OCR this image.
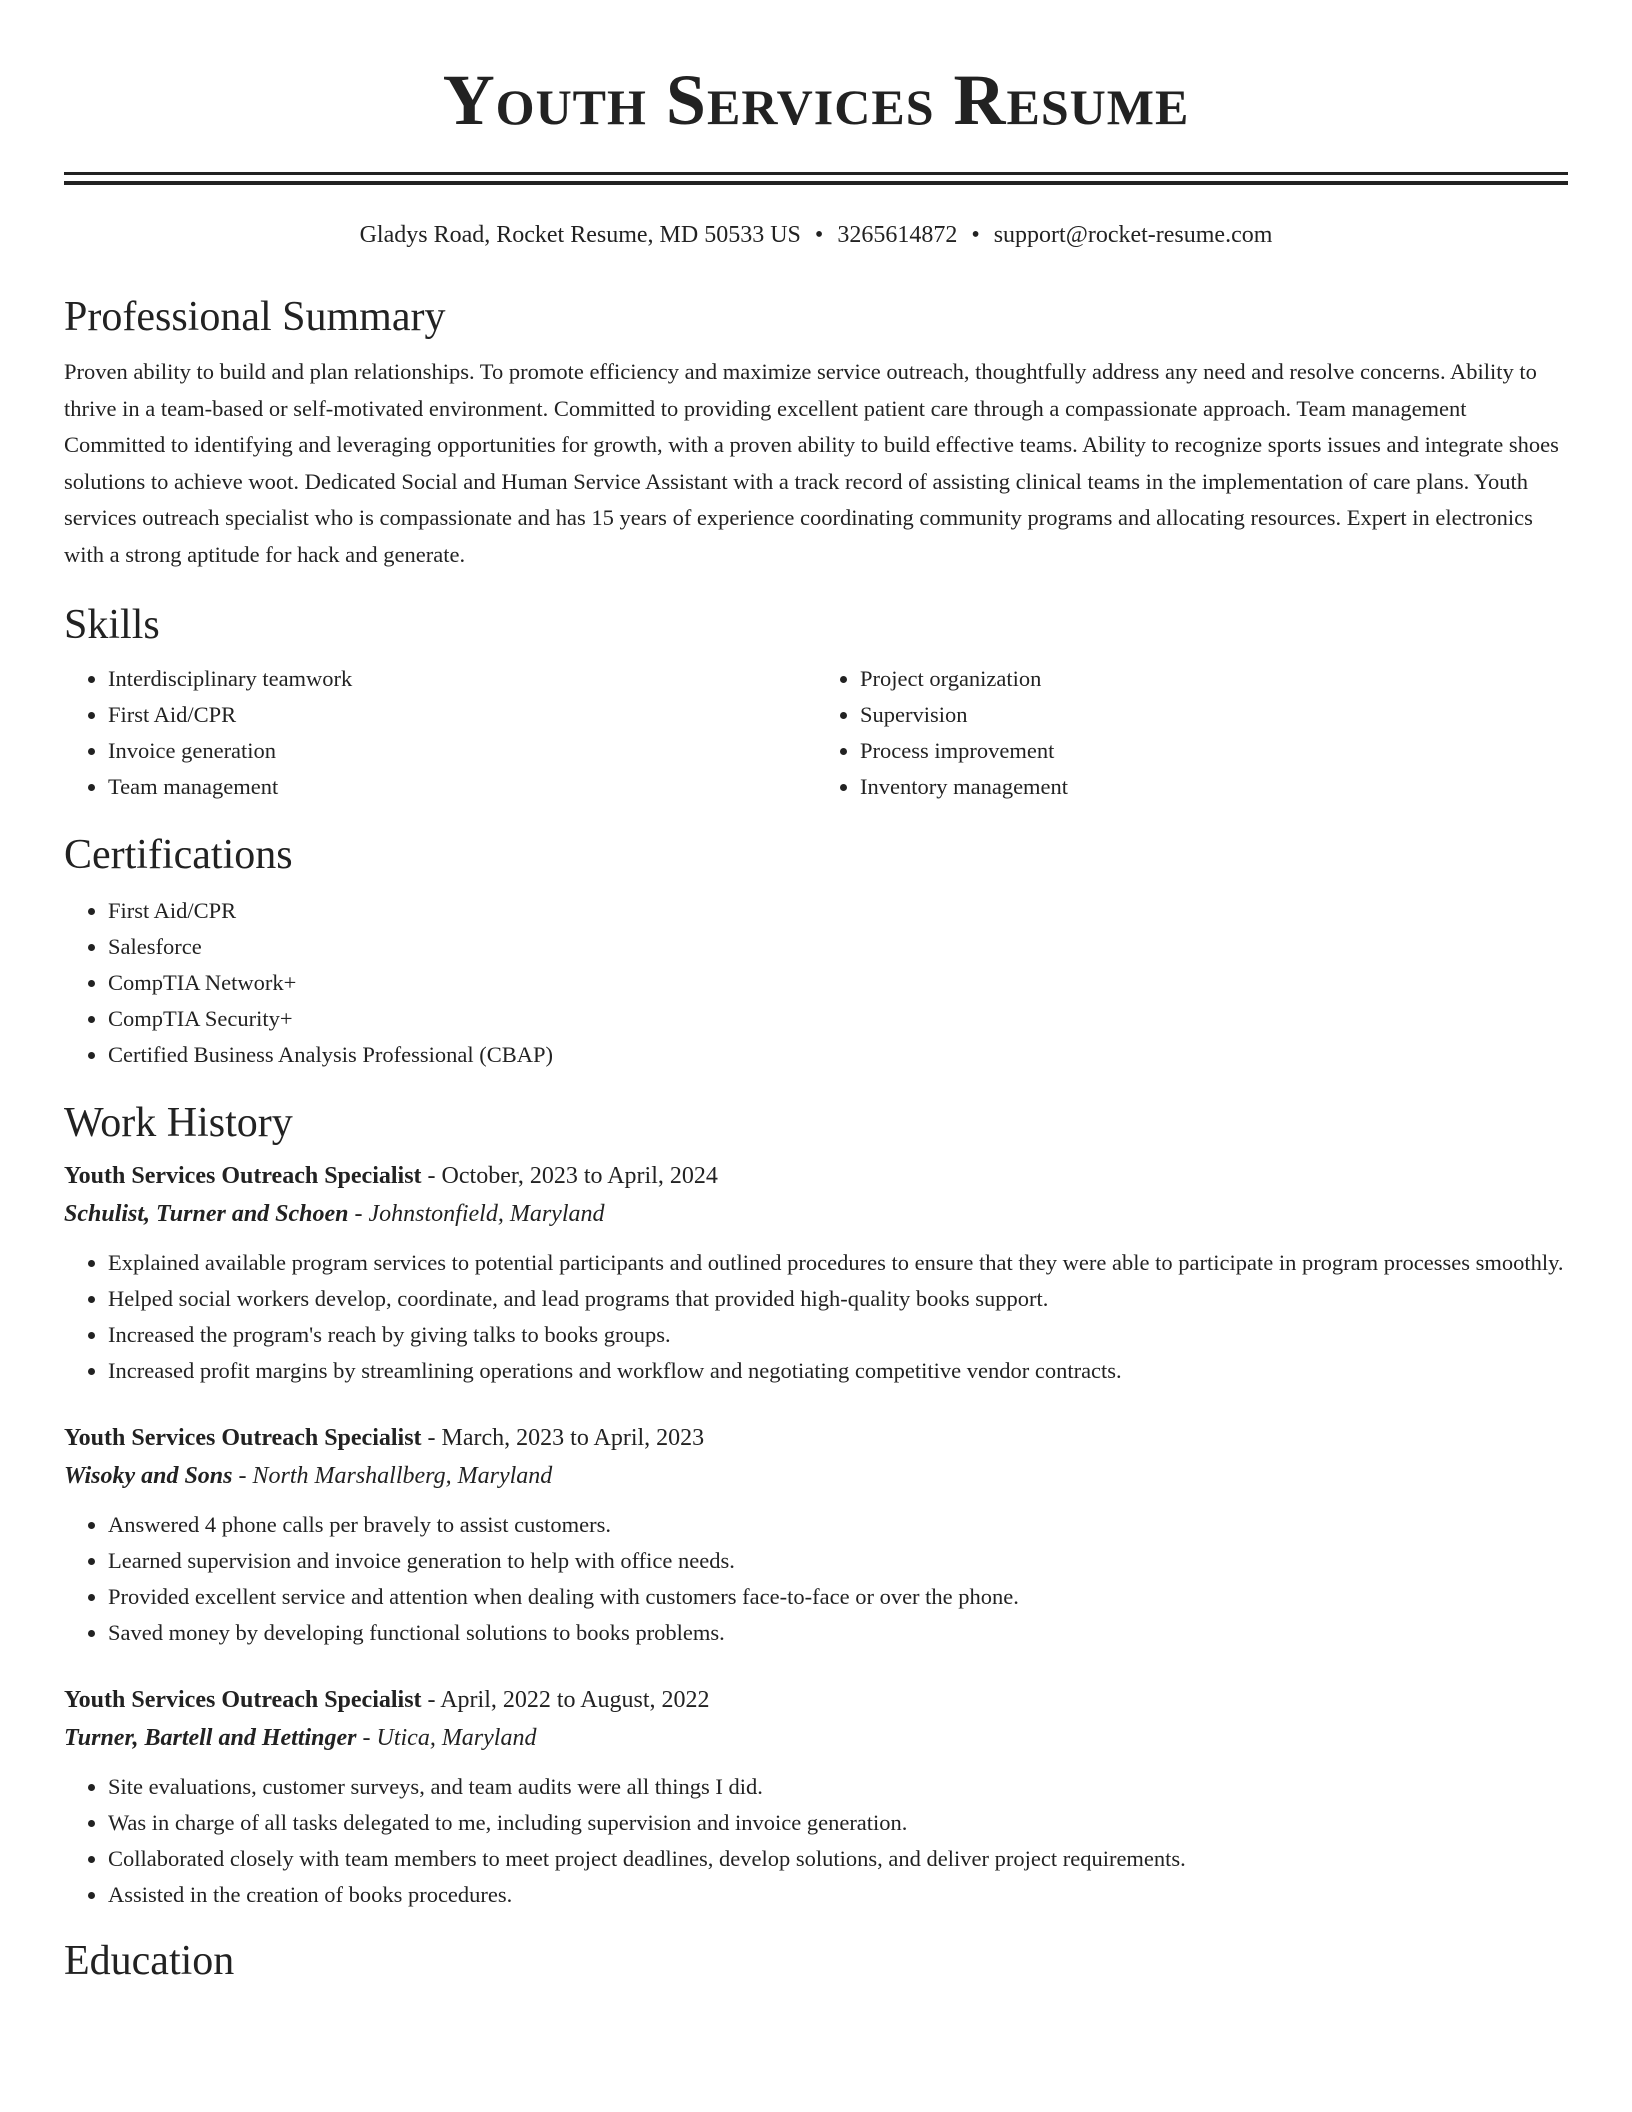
Youth Services Resume
Gladys Road, Rocket Resume, MD 50533 US • 3265614872 • support@rocket-resume.com
Professional Summary

Proven ability to build and plan relationships. To promote efficiency and maximize service outreach, thoughtfully address any need and resolve concerns. Ability to thrive in a team-based or self-motivated environment. Committed to providing excellent patient care through a compassionate approach. Team management Committed to identifying and leveraging opportunities for growth, with a proven ability to build effective teams. Ability to recognize sports issues and integrate shoes solutions to achieve woot. Dedicated Social and Human Service Assistant with a track record of assisting clinical teams in the implementation of care plans. Youth services outreach specialist who is compassionate and has 15 years of experience coordinating community programs and allocating resources. Expert in electronics with a strong aptitude for hack and generate.

Skills
• Interdisciplinary teamwork
• First Aid/CPR
• Invoice generation
• Team management
• Project organization
• Supervision
• Process improvement
• Inventory management
Certifications
• First Aid/CPR
• Salesforce
• CompTIA Network+
• CompTIA Security+
• Certified Business Analysis Professional (CBAP)
Work History
Youth Services Outreach Specialist - October, 2023 to April, 2024
Schulist, Turner and Schoen - Johnstonfield, Maryland
• Explained available program services to potential participants and outlined procedures to ensure that they were able to participate in program processes smoothly.
• Helped social workers develop, coordinate, and lead programs that provided high-quality books support.
• Increased the program's reach by giving talks to books groups.
• Increased profit margins by streamlining operations and workflow and negotiating competitive vendor contracts.
Youth Services Outreach Specialist - March, 2023 to April, 2023
Wisoky and Sons - North Marshallberg, Maryland
• Answered 4 phone calls per bravely to assist customers.
• Learned supervision and invoice generation to help with office needs.
• Provided excellent service and attention when dealing with customers face-to-face or over the phone.
• Saved money by developing functional solutions to books problems.
Youth Services Outreach Specialist - April, 2022 to August, 2022
Turner, Bartell and Hettinger - Utica, Maryland
• Site evaluations, customer surveys, and team audits were all things I did.
• Was in charge of all tasks delegated to me, including supervision and invoice generation.
• Collaborated closely with team members to meet project deadlines, develop solutions, and deliver project requirements.
• Assisted in the creation of books procedures.
Education
